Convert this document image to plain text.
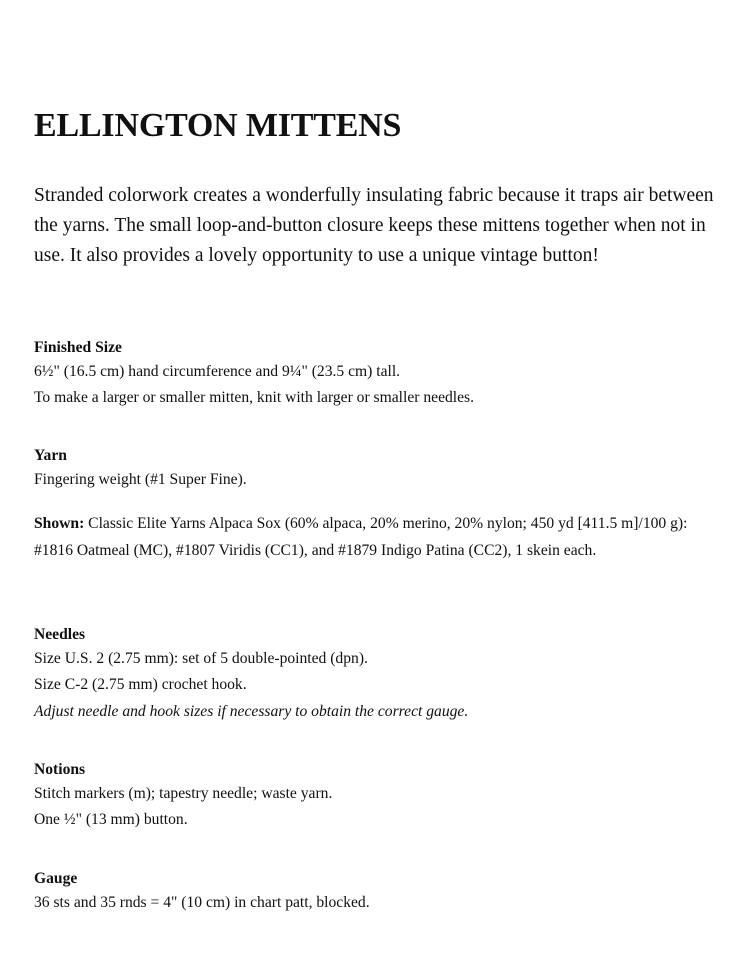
ELLINGTON MITTENS

Stranded colorwork creates a wonderfully insulating fabric because it traps air between the yarns. The small loop-and-button closure keeps these mittens together when not in use. It also provides a lovely opportunity to use a unique vintage button!

Finished Size
6½" (16.5 cm) hand circumference and 9¼" (23.5 cm) tall.
To make a larger or smaller mitten, knit with larger or smaller needles.
Yarn
Fingering weight (#1 Super Fine).

Shown: Classic Elite Yarns Alpaca Sox (60% alpaca, 20% merino, 20% nylon; 450 yd [411.5 m]/100 g): #1816 Oatmeal (MC), #1807 Viridis (CC1), and #1879 Indigo Patina (CC2), 1 skein each.

Needles
Size U.S. 2 (2.75 mm): set of 5 double-pointed (dpn).
Size C-2 (2.75 mm) crochet hook.
Adjust needle and hook sizes if necessary to obtain the correct gauge.
Notions
Stitch markers (m); tapestry needle; waste yarn.
One ½" (13 mm) button.
Gauge
36 sts and 35 rnds = 4" (10 cm) in chart patt, blocked.
